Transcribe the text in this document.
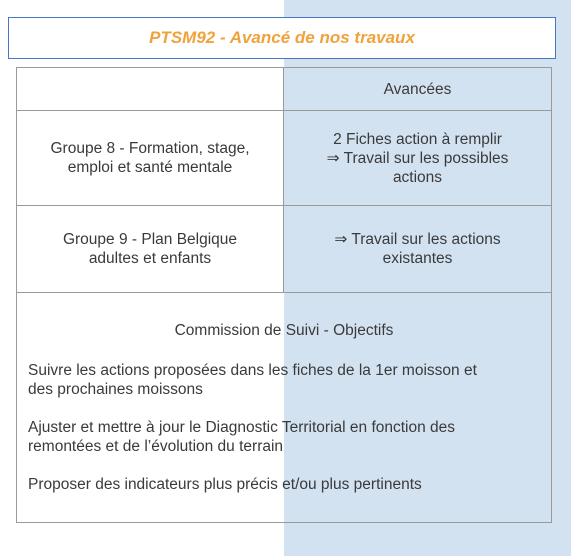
PTSM92 - Avancé de nos travaux
Avancées
Groupe 8 - Formation, stage,
emploi et santé mentale
2 Fiches action à remplir
⇒ Travail sur les possibles
actions
Groupe 9 - Plan Belgique
adultes et enfants
⇒ Travail sur les actions
existantes
Commission de Suivi - Objectifs
Suivre les actions proposées dans les fiches de la 1er moisson et
des prochaines moissons
Ajuster et mettre à jour le Diagnostic Territorial en fonction des
remontées et de l’évolution du terrain
Proposer des indicateurs plus précis et/ou plus pertinents
